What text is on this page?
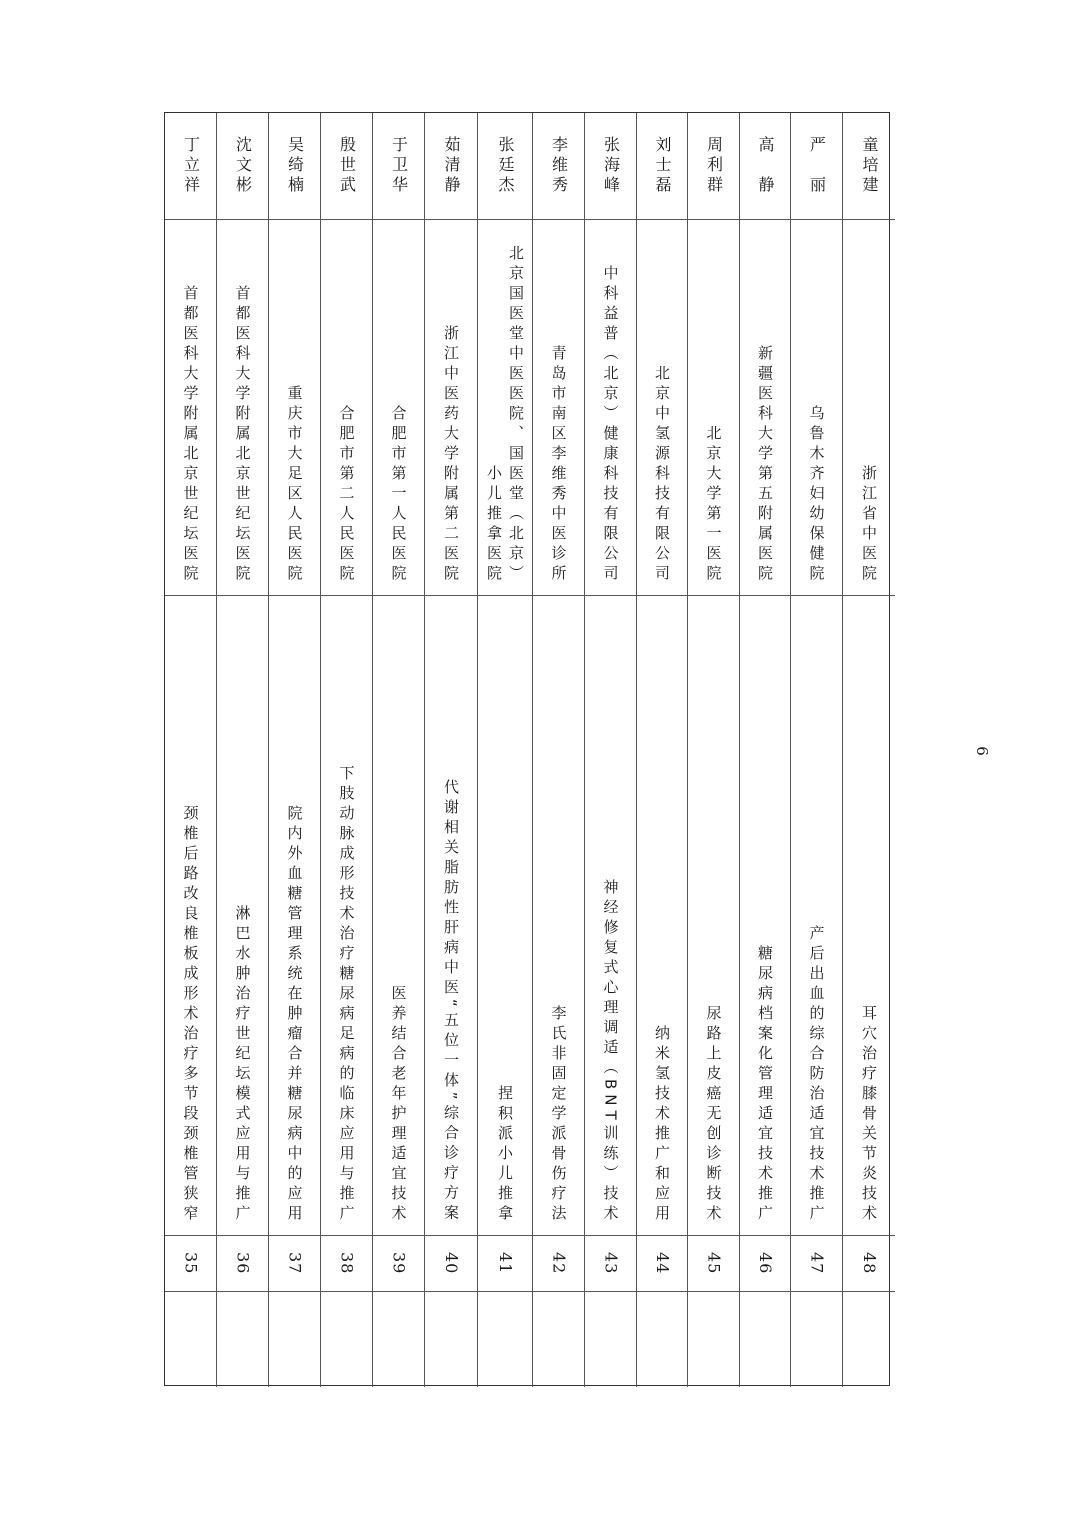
6
丁立祥
首都医科大学附属北京世纪坛医院
颈椎后路改良椎板成形术治疗多节段颈椎管狭窄
35
沈文彬
首都医科大学附属北京世纪坛医院
淋巴水肿治疗世纪坛模式应用与推广
36
吴绮楠
重庆市大足区人民医院
院内外血糖管理系统在肿瘤合并糖尿病中的应用
37
殷世武
合肥市第二人民医院
下肢动脉成形技术治疗糖尿病足病的临床应用与推广
38
于卫华
合肥市第一人民医院
医养结合老年护理适宜技术
39
茹清静
浙江中医药大学附属第二医院
代谢相关脂肪性肝病中医“五位一体”综合诊疗方案
40
张廷杰
北京国医堂中医医院、国医堂（北京）
小儿推拿医院
捏积派小儿推拿
41
李维秀
青岛市南区李维秀中医诊所
李氏非固定学派骨伤疗法
42
张海峰
中科益普（北京）健康科技有限公司
神经修复式心理调适（BNT训练）技术
43
刘士磊
北京中氢源科技有限公司
纳米氢技术推广和应用
44
周利群
北京大学第一医院
尿路上皮癌无创诊断技术
45
高　静
新疆医科大学第五附属医院
糖尿病档案化管理适宜技术推广
46
严　丽
乌鲁木齐妇幼保健院
产后出血的综合防治适宜技术推广
47
童培建
浙江省中医院
耳穴治疗膝骨关节炎技术
48
